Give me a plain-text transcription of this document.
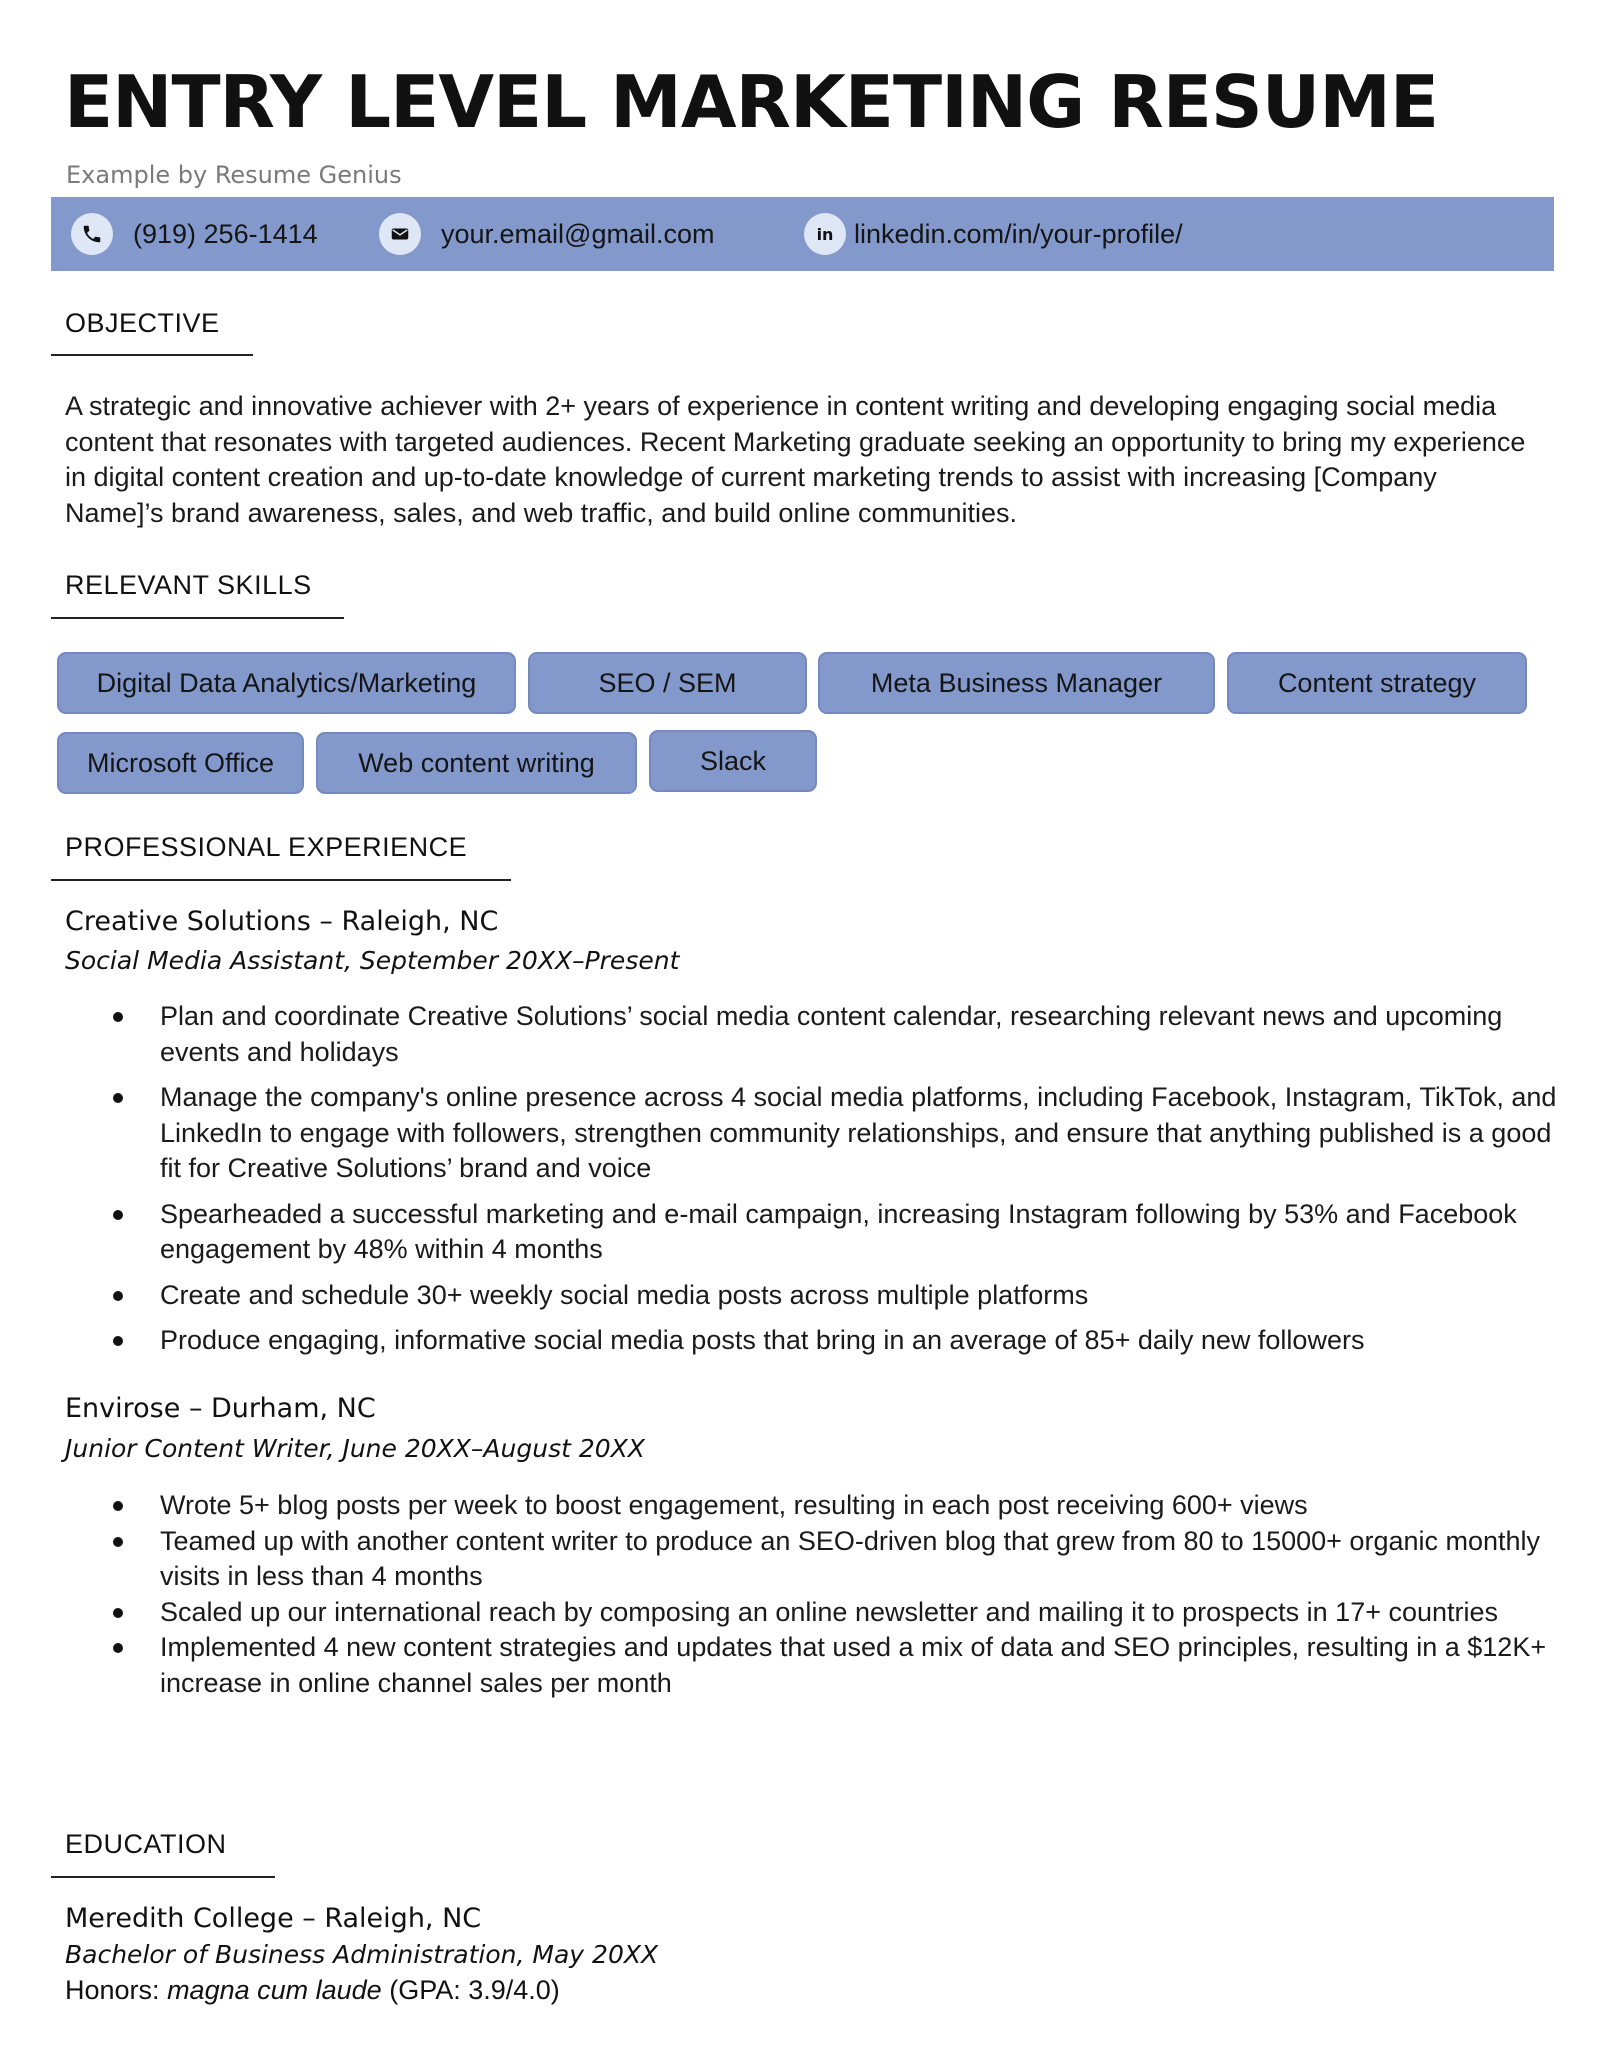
ENTRY LEVEL MARKETING RESUME

Example by Resume Genius

(919) 256-1414	your.email@gmail.com	in linkedin.com/in/your-profile/
OBJECTIVE

A strategic and innovative achiever with 2+ years of experience in content writing and developing engaging social media content that resonates with targeted audiences. Recent Marketing graduate seeking an opportunity to bring my experience in digital content creation and up-to-date knowledge of current marketing trends to assist with increasing [Company Name]’s brand awareness, sales, and web traffic, and build online communities.

RELEVANT SKILLS
Digital Data Analytics/Marketing	SEO / SEM	Meta Business Manager	Content strategy
Microsoft Office	Web content writing	Slack
PROFESSIONAL EXPERIENCE

Creative Solutions – Raleigh, NC

Social Media Assistant, September 20XX–Present

Plan and coordinate Creative Solutions’ social media content calendar, researching relevant news and upcoming events and holidays
Manage the company's online presence across 4 social media platforms, including Facebook, Instagram, TikTok, and LinkedIn to engage with followers, strengthen community relationships, and ensure that anything published is a good fit for Creative Solutions’ brand and voice
Spearheaded a successful marketing and e-mail campaign, increasing Instagram following by 53% and Facebook engagement by 48% within 4 months
Create and schedule 30+ weekly social media posts across multiple platforms
Produce engaging, informative social media posts that bring in an average of 85+ daily new followers

Envirose – Durham, NC

Junior Content Writer, June 20XX–August 20XX

Wrote 5+ blog posts per week to boost engagement, resulting in each post receiving 600+ views
Teamed up with another content writer to produce an SEO-driven blog that grew from 80 to 15000+ organic monthly visits in less than 4 months
Scaled up our international reach by composing an online newsletter and mailing it to prospects in 17+ countries
Implemented 4 new content strategies and updates that used a mix of data and SEO principles, resulting in a $12K+ increase in online channel sales per month
EDUCATION

Meredith College – Raleigh, NC

Bachelor of Business Administration, May 20XX

Honors: magna cum laude (GPA: 3.9/4.0)
